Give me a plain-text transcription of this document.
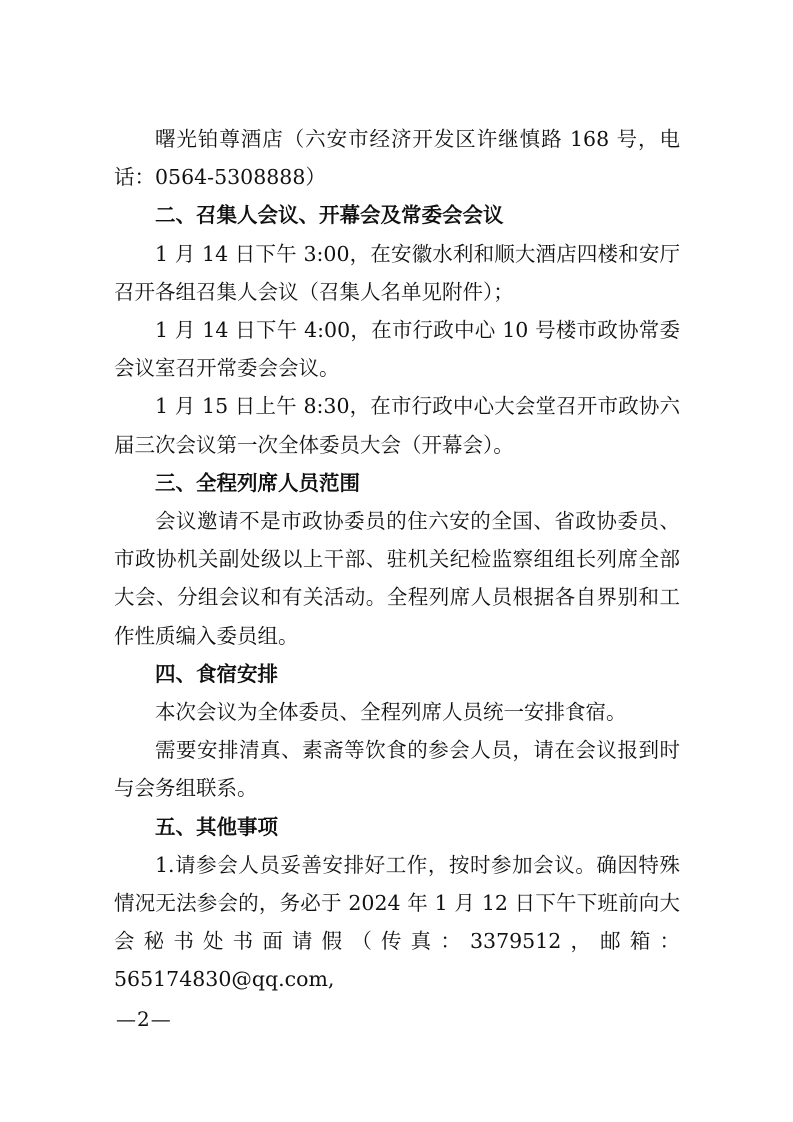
曙光铂尊酒店（六安市经济开发区许继慎路 168 号，电话：0564-5308888）

二、召集人会议、开幕会及常委会会议

1 月 14 日下午 3:00，在安徽水利和顺大酒店四楼和安厅召开各组召集人会议（召集人名单见附件）；

1 月 14 日下午 4:00，在市行政中心 10 号楼市政协常委会议室召开常委会会议。

1 月 15 日上午 8:30，在市行政中心大会堂召开市政协六届三次会议第一次全体委员大会（开幕会）。

三、全程列席人员范围

会议邀请不是市政协委员的住六安的全国、省政协委员、市政协机关副处级以上干部、驻机关纪检监察组组长列席全部大会、分组会议和有关活动。全程列席人员根据各自界别和工作性质编入委员组。

四、食宿安排

本次会议为全体委员、全程列席人员统一安排食宿。

需要安排清真、素斋等饮食的参会人员，请在会议报到时与会务组联系。

五、其他事项

1.请参会人员妥善安排好工作，按时参加会议。确因特殊情况无法参会的，务必于 2024 年 1 月 12 日下午下班前向大会秘书处书面请假（传真：3379512，邮箱：565174830@qq.com,

—2—
